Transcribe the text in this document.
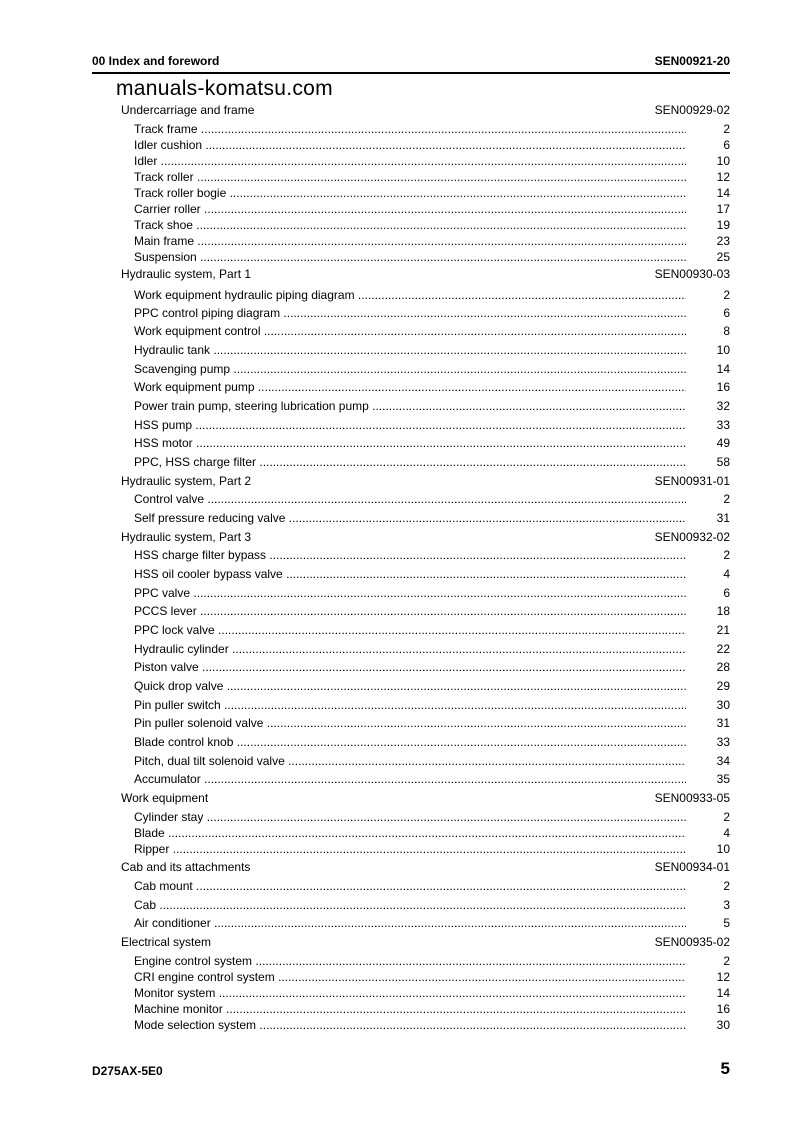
00 Index and foreword	SEN00921-20
manuals-komatsu.com
Undercarriage and frame	SEN00929-02
Track frame .....	2
Idler cushion .....	6
Idler .....	10
Track roller .....	12
Track roller bogie .....	14
Carrier roller .....	17
Track shoe .....	19
Main frame .....	23
Suspension .....	25
Hydraulic system, Part 1	SEN00930-03
Work equipment hydraulic piping diagram .....	2
PPC control piping diagram .....	6
Work equipment control .....	8
Hydraulic tank .....	10
Scavenging pump .....	14
Work equipment pump .....	16
Power train pump, steering lubrication pump .....	32
HSS pump .....	33
HSS motor .....	49
PPC, HSS charge filter .....	58
Hydraulic system, Part 2	SEN00931-01
Control valve .....	2
Self pressure reducing valve .....	31
Hydraulic system, Part 3	SEN00932-02
HSS charge filter bypass .....	2
HSS oil cooler bypass valve .....	4
PPC valve .....	6
PCCS lever .....	18
PPC lock valve .....	21
Hydraulic cylinder .....	22
Piston valve .....	28
Quick drop valve .....	29
Pin puller switch .....	30
Pin puller solenoid valve .....	31
Blade control knob .....	33
Pitch, dual tilt solenoid valve .....	34
Accumulator .....	35
Work equipment	SEN00933-05
Cylinder stay .....	2
Blade .....	4
Ripper .....	10
Cab and its attachments	SEN00934-01
Cab mount .....	2
Cab .....	3
Air conditioner .....	5
Electrical system	SEN00935-02
Engine control system .....	2
CRI engine control system .....	12
Monitor system .....	14
Machine monitor .....	16
Mode selection system .....	30
D275AX-5E0	5
